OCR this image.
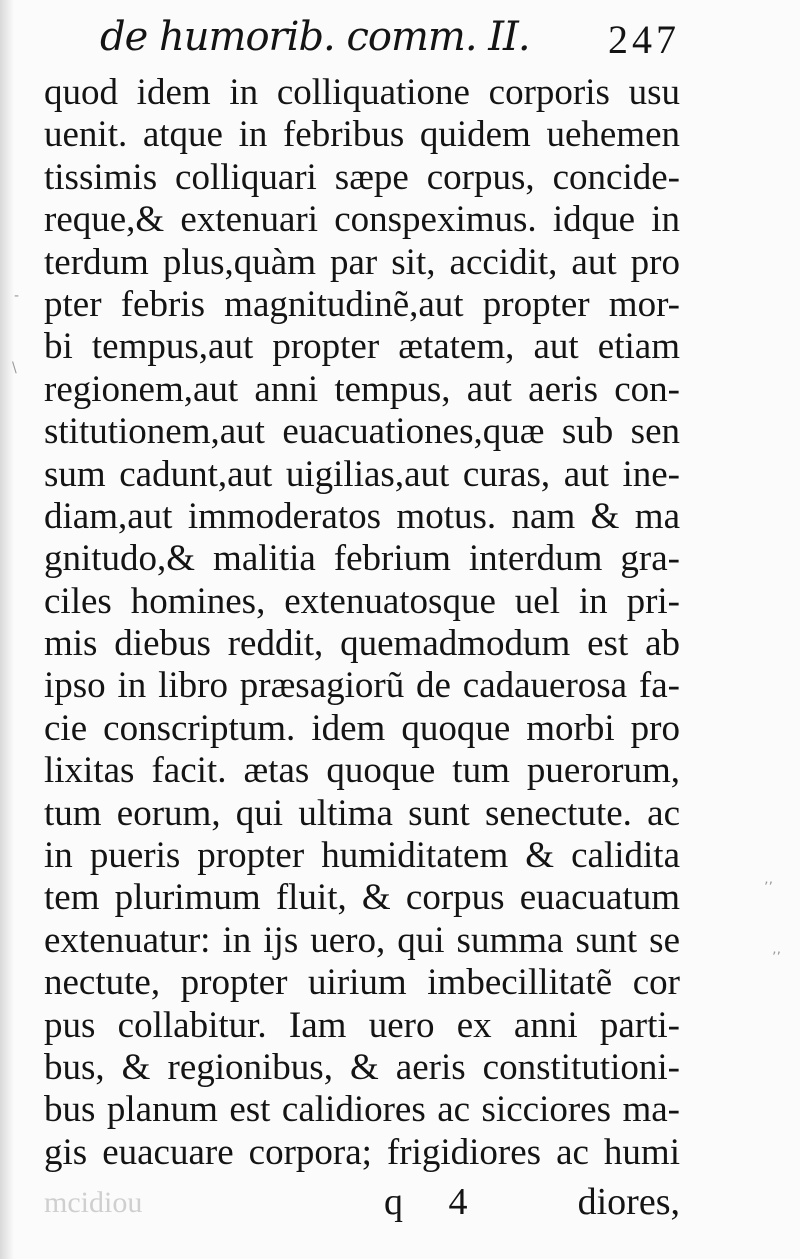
de humorib. comm. II. 247
quod idem in colliquatione corporis usu
uenit. atque in febribus quidem uehemen
tissimis colliquari sæpe corpus, concide-
reque,& extenuari conspeximus. idque in
terdum plus,quàm par sit, accidit, aut pro
pter febris magnitudinẽ,aut propter mor-
bi tempus,aut propter ætatem, aut etiam
regionem,aut anni tempus, aut aeris con-
stitutionem,aut euacuationes,quæ sub sen
sum cadunt,aut uigilias,aut curas, aut ine-
diam,aut immoderatos motus. nam & ma
gnitudo,& malitia febrium interdum gra-
ciles homines, extenuatosque uel in pri-
mis diebus reddit, quemadmodum est ab
ipso in libro præsagiorũ de cadauerosa fa-
cie conscriptum. idem quoque morbi pro
lixitas facit. ætas quoque tum puerorum,
tum eorum, qui ultima sunt senectute. ac
in pueris propter humiditatem & calidita
tem plurimum fluit, & corpus euacuatum
extenuatur: in ijs uero, qui summa sunt se
nectute, propter uirium imbecillitatẽ cor
pus collabitur. Iam uero ex anni parti-
bus, & regionibus, & aeris constitutioni-
bus planum est calidiores ac sicciores ma-
gis euacuare corpora; frigidiores ac humi
mcidiou	q 4 diores,
’’
’’
-
\
